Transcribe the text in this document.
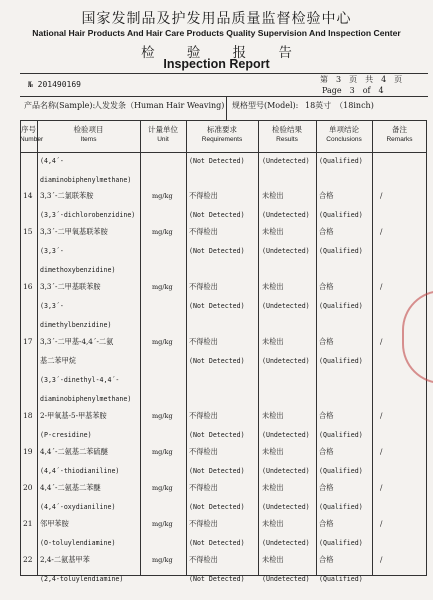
国家发制品及护发用品质量监督检验中心
National Hair Products And Hair Care Products Quality Supervision And Inspection Center
检 验 报 告
Inspection Report
№ 201490169
第　3　页　共　4　页
Page　3　of　4
产品名称(Sample):
人发发条（Human Hair Weaving) 规格型号(Model): 18英寸　（18inch)
序号
Number
检验项目
Items
计量单位
Unit
标准要求
Requirements
检验结果
Results
单项结论
Conclusions
备注
Remarks
(4,4´-
diaminobiphenylmethane)
(Not Detected)	(Undetected) (Qualified)
14 3,3´-二氯联苯胺
(3,3´-dichlorobenzidine)
mg/kg 不得检出
(Not Detected)
未检出
(Undetected)
合格
(Qualified)
/
15 3,3´-二甲氧基联苯胺
(3,3´-
dimethoxybenzidine)
mg/kg 不得检出
(Not Detected)
未检出
(Undetected)
合格
(Qualified)
/
16 3,3´-二甲基联苯胺
(3,3´-
dimethylbenzidine)
mg/kg 不得检出
(Not Detected)
未检出
(Undetected)
合格
(Qualified)
/
17 3,3´-二甲基-4,4´-二氨
基二苯甲烷
(3,3´-dinethyl-4,4´-
diaminobiphenylmethane)
mg/kg 不得检出
(Not Detected)
未检出
(Undetected)
合格
(Qualified)
/
18 2-甲氧基-5-甲基苯胺
(P-cresidine)
mg/kg 不得检出
(Not Detected)
未检出
(Undetected)
合格
(Qualified)
/
19 4,4´-二氨基二苯硫醚
(4,4´-thiodianiline)
mg/kg 不得检出
(Not Detected)
未检出
(Undetected)
合格
(Qualified)
/
20 4,4´-二氨基二苯醚
(4,4´-oxydianiline)
mg/kg 不得检出
(Not Detected)
未检出
(Undetected)
合格
(Qualified)
/
21 邻甲苯胺
(O-toluylendiamine)
mg/kg 不得检出
(Not Detected)
未检出
(Undetected)
合格
(Qualified)
/
22 2,4-二氨基甲苯
(2,4-toluylendiamine)
mg/kg 不得检出
(Not Detected)
未检出
(Undetected)
合格
(Qualified)
/
